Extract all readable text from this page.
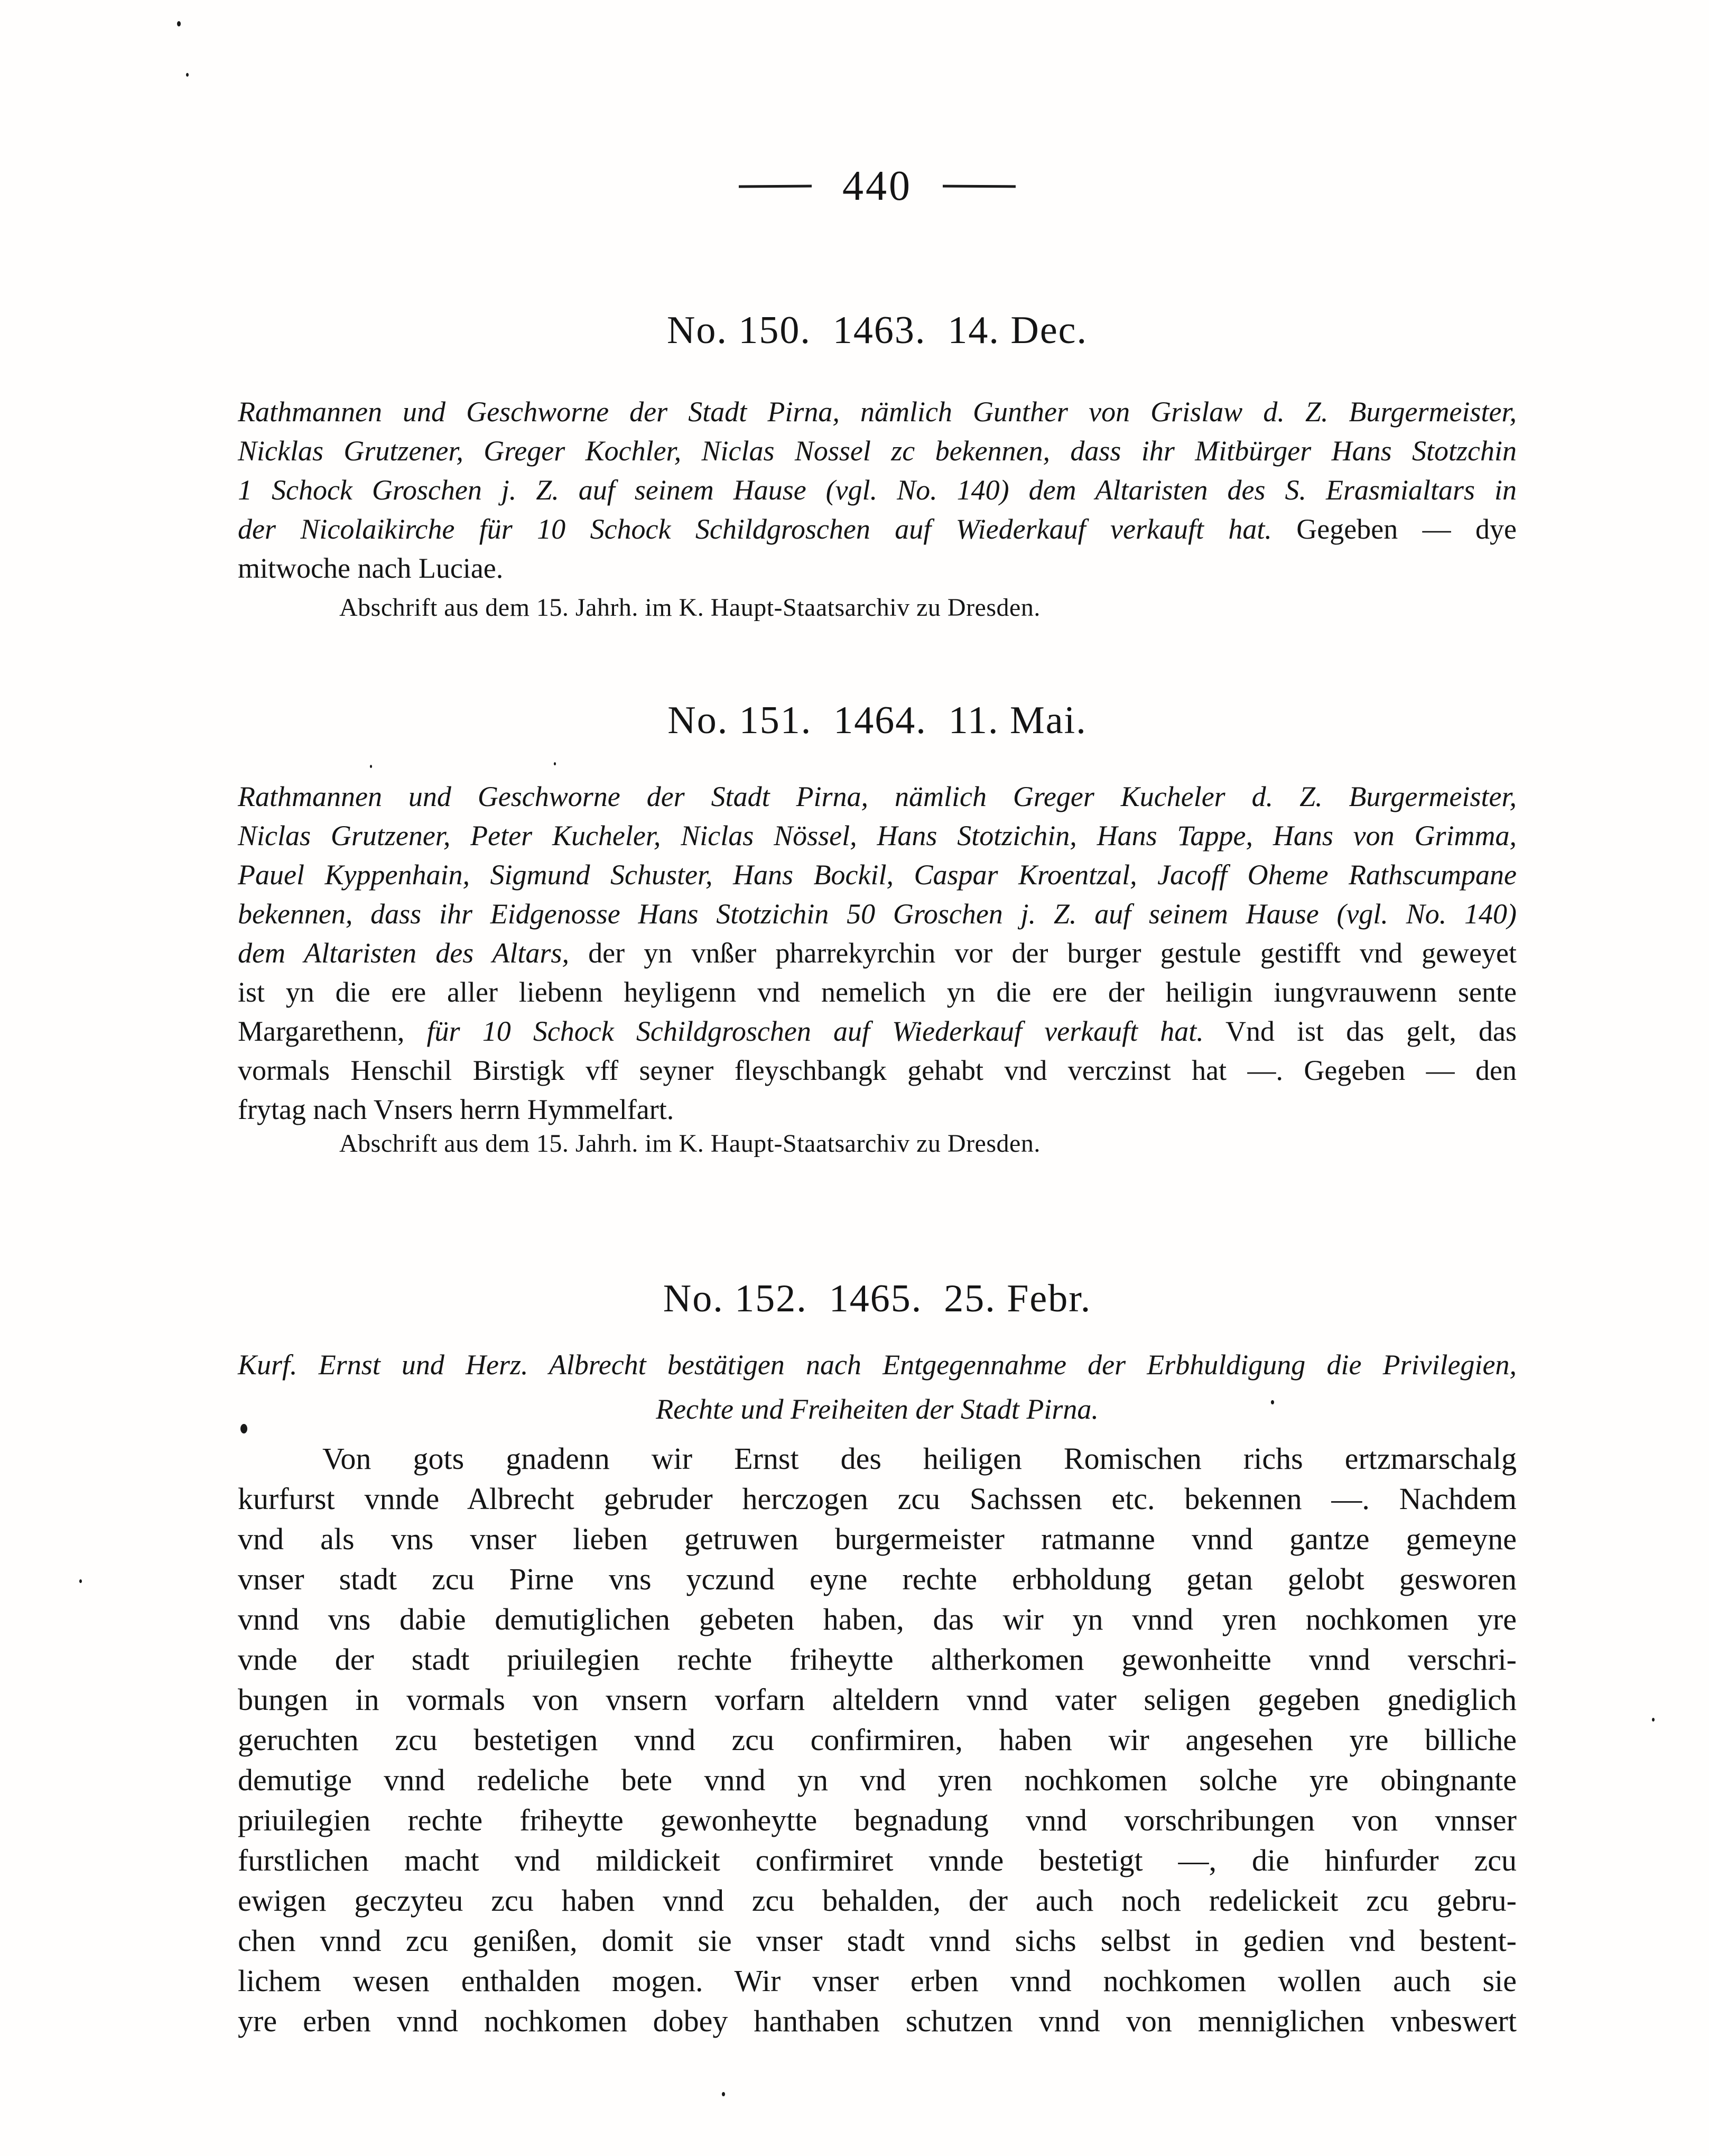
440
No. 150.  1463.  14. Dec.
Rathmannen und Geschworne der Stadt Pirna, nämlich Gunther von Grislaw d. Z. Burgermeister,
Nicklas Grutzener, Greger Kochler, Niclas Nossel zc bekennen, dass ihr Mitbürger Hans Stotzchin
1 Schock Groschen j. Z. auf seinem Hause (vgl. No. 140) dem Altaristen des S. Erasmialtars in
der Nicolaikirche für 10 Schock Schildgroschen auf Wiederkauf verkauft hat. Gegeben — dye
mitwoche nach Luciae.
Abschrift aus dem 15. Jahrh. im K. Haupt-Staatsarchiv zu Dresden.
No. 151.  1464.  11. Mai.
Rathmannen und Geschworne der Stadt Pirna, nämlich Greger Kucheler d. Z. Burgermeister,
Niclas Grutzener, Peter Kucheler, Niclas Nössel, Hans Stotzichin, Hans Tappe, Hans von Grimma,
Pauel Kyppenhain, Sigmund Schuster, Hans Bockil, Caspar Kroentzal, Jacoff Oheme Rathscumpane
bekennen, dass ihr Eidgenosse Hans Stotzichin 50 Groschen j. Z. auf seinem Hause (vgl. No. 140)
dem Altaristen des Altars, der yn vnßer pharrekyrchin vor der burger gestule gestifft vnd geweyet
ist yn die ere aller liebenn heyligenn vnd nemelich yn die ere der heiligin iungvrauwenn sente
Margarethenn, für 10 Schock Schildgroschen auf Wiederkauf verkauft hat. Vnd ist das gelt, das
vormals Henschil Birstigk vff seyner fleyschbangk gehabt vnd verczinst hat —. Gegeben — den
frytag nach Vnsers herrn Hymmelfart.
Abschrift aus dem 15. Jahrh. im K. Haupt-Staatsarchiv zu Dresden.
No. 152.  1465.  25. Febr.
Kurf. Ernst und Herz. Albrecht bestätigen nach Entgegennahme der Erbhuldigung die Privilegien,
Rechte und Freiheiten der Stadt Pirna.
Von gots gnadenn wir Ernst des heiligen Romischen richs ertzmarschalg
kurfurst vnnde Albrecht gebruder herczogen zcu Sachssen etc. bekennen —. Nachdem
vnd als vns vnser lieben getruwen burgermeister ratmanne vnnd gantze gemeyne
vnser stadt zcu Pirne vns yczund eyne rechte erbholdung getan gelobt gesworen
vnnd vns dabie demutiglichen gebeten haben, das wir yn vnnd yren nochkomen yre
vnde der stadt priuilegien rechte friheytte altherkomen gewonheitte vnnd verschri-
bungen in vormals von vnsern vorfarn alteldern vnnd vater seligen gegeben gnediglich
geruchten zcu bestetigen vnnd zcu confirmiren, haben wir angesehen yre billiche
demutige vnnd redeliche bete vnnd yn vnd yren nochkomen solche yre obingnante
priuilegien rechte friheytte gewonheytte begnadung vnnd vorschribungen von vnnser
furstlichen macht vnd mildickeit confirmiret vnnde bestetigt —, die hinfurder zcu
ewigen geczyteu zcu haben vnnd zcu behalden, der auch noch redelickeit zcu gebru-
chen vnnd zcu genißen, domit sie vnser stadt vnnd sichs selbst in gedien vnd bestent-
lichem wesen enthalden mogen. Wir vnser erben vnnd nochkomen wollen auch sie
yre erben vnnd nochkomen dobey hanthaben schutzen vnnd von menniglichen vnbeswert
